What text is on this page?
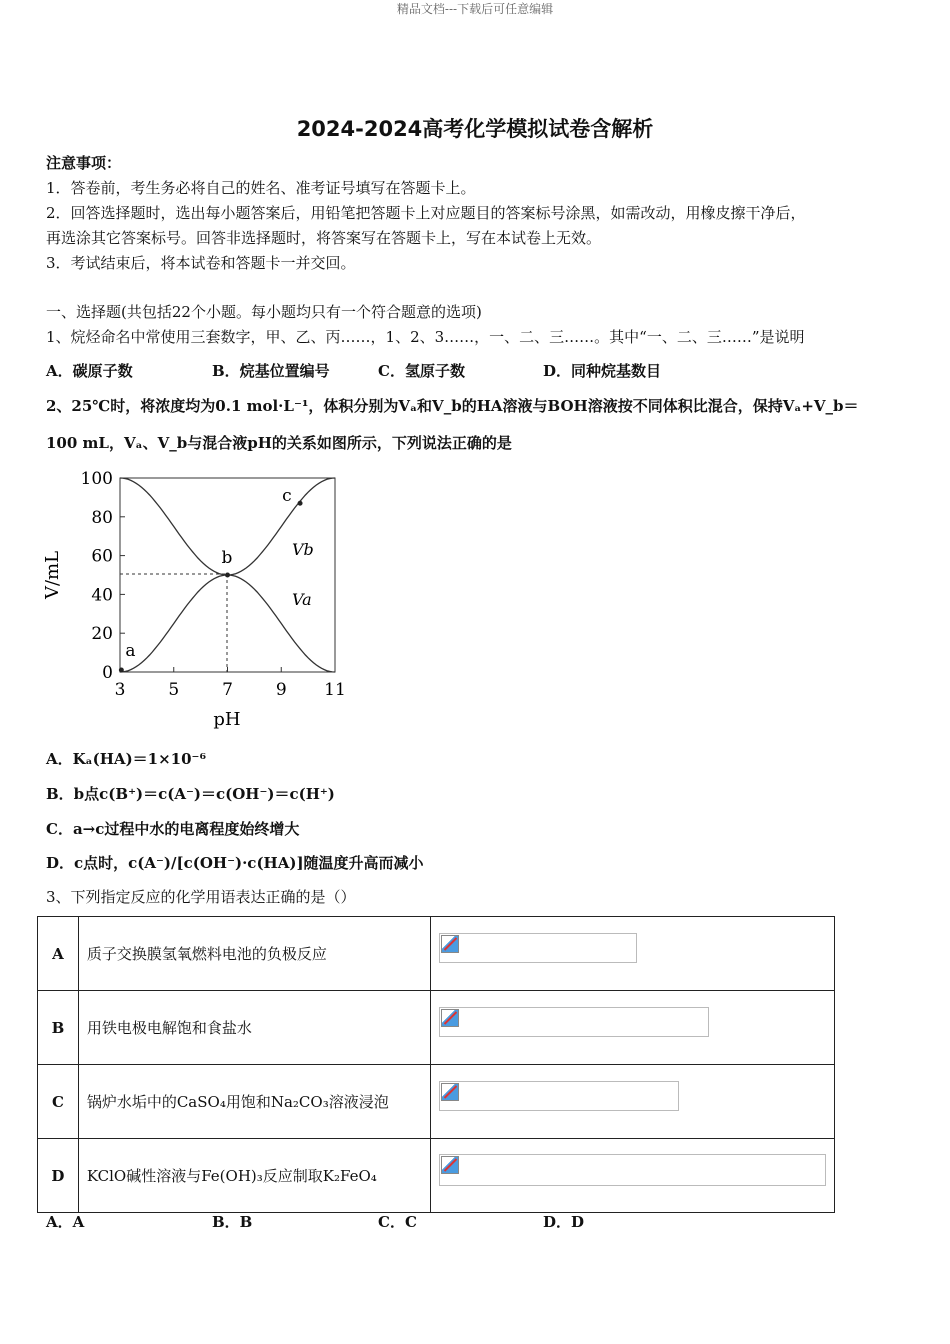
精品文档---下载后可任意编辑
2024-2024高考化学模拟试卷含解析
注意事项：
1．答卷前，考生务必将自己的姓名、准考证号填写在答题卡上。
2．回答选择题时，选出每小题答案后，用铅笔把答题卡上对应题目的答案标号涂黑，如需改动，用橡皮擦干净后，
再选涂其它答案标号。回答非选择题时，将答案写在答题卡上，写在本试卷上无效。
3．考试结束后，将本试卷和答题卡一并交回。
一、选择题(共包括22个小题。每小题均只有一个符合题意的选项)
1、烷烃命名中常使用三套数字，甲、乙、丙……，1、2、3……，一、二、三……。其中“一、二、三……”是说明
A．碳原子数	B．烷基位置编号	C．氢原子数	D．同种烷基数目
2、25℃时，将浓度均为0.1 mol·L⁻¹，体积分别为Vₐ和V_b的HA溶液与BOH溶液按不同体积比混合，保持Vₐ+V_b＝
100 mL，Vₐ、V_b与混合液pH的关系如图所示，下列说法正确的是
3	5	7	9 11
0
20
40
60
80
100
a
b
c
Vb
Va
V/mL
pH
A．Kₐ(HA)＝1×10⁻⁶
B．b点c(B⁺)＝c(A⁻)＝c(OH⁻)＝c(H⁺)
C．a→c过程中水的电离程度始终增大
D．c点时，c(A⁻)/[c(OH⁻)·c(HA)]随温度升高而减小
3、下列指定反应的化学用语表达正确的是（）
A	质子交换膜氢氧燃料电池的负极反应	

B	用铁电极电解饱和食盐水	

C	锅炉水垢中的CaSO₄用饱和Na₂CO₃溶液浸泡	

D	KClO碱性溶液与Fe(OH)₃反应制取K₂FeO₄	
A．A	B．B	C．C	D．D
